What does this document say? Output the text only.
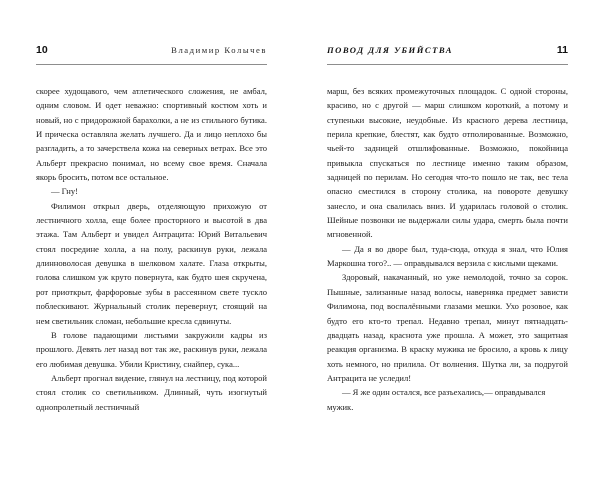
10	Владимир Колычев

скорее худощавого, чем атлетического сложения, не амбал, одним словом. И одет неважно: спортивный костюм хоть и новый, но с придорожной барахолки, а не из стильного бутика. И прическа оставляла желать лучшего. Да и лицо неплохо бы разгладить, а то зачерствела кожа на северных ветрах. Все это Альберт прекрасно понимал, но всему свое время. Сначала якорь бросить, потом все остальное.

— Гну!

Филимон открыл дверь, отделяющую прихожую от лестничного холла, еще более просторного и высотой в два этажа. Там Альберт и увидел Антрацита: Юрий Витальевич стоял посредине холла, а на полу, раскинув руки, лежала длинноволосая девушка в шелковом халате. Глаза открыты, голова слишком уж круто повернута, как будто шея скручена, рот приоткрыт, фарфоровые зубы в рассеянном свете тускло поблескивают. Журнальный столик перевернут, стоящий на нем светильник сломан, небольшие кресла сдвинуты.

В голове падающими листьями закружили кадры из прошлого. Девять лет назад вот так же, раскинув руки, лежала его любимая девушка. Убили Кристину, снайпер, сука...

Альберт прогнал видение, глянул на лестницу, под которой стоял столик со светильником. Длинный, чуть изогнутый однопролетный лестничный

ПОВОД ДЛЯ УБИЙСТВА	11

марш, без всяких промежуточных площадок. С одной стороны, красиво, но с другой — марш слишком короткий, а потому и ступеньки высокие, неудобные. Из красного дерева лестница, перила крепкие, блестят, как будто отполированные. Возможно, чьей-то задницей отшлифованные. Возможно, покойница привыкла спускаться по лестнице именно таким образом, задницей по перилам. Но сегодня что-то пошло не так, вес тела опасно сместился в сторону столика, на повороте девушку занесло, и она свалилась вниз. И ударилась головой о столик. Шейные позвонки не выдержали силы удара, смерть была почти мгновенной.

— Да я во дворе был, туда-сюда, откуда я знал, что Юлия Маркошна того?.. — оправдывался верзила с кислыми щеками.

Здоровый, накачанный, но уже немолодой, точно за сорок. Пышные, зализанные назад волосы, наверняка предмет зависти Филимона, под воспалёнными глазами мешки. Ухо розовое, как будто его кто-то трепал. Недавно трепал, минут пятнадцать-двадцать назад, краснота уже прошла. А может, это защитная реакция организма. В краску мужика не бросило, а кровь к лицу хоть немного, но прилила. От волнения. Шутка ли, за подругой Антрацита не уследил!

— Я же один остался, все разъехались,— оправдывался мужик.
